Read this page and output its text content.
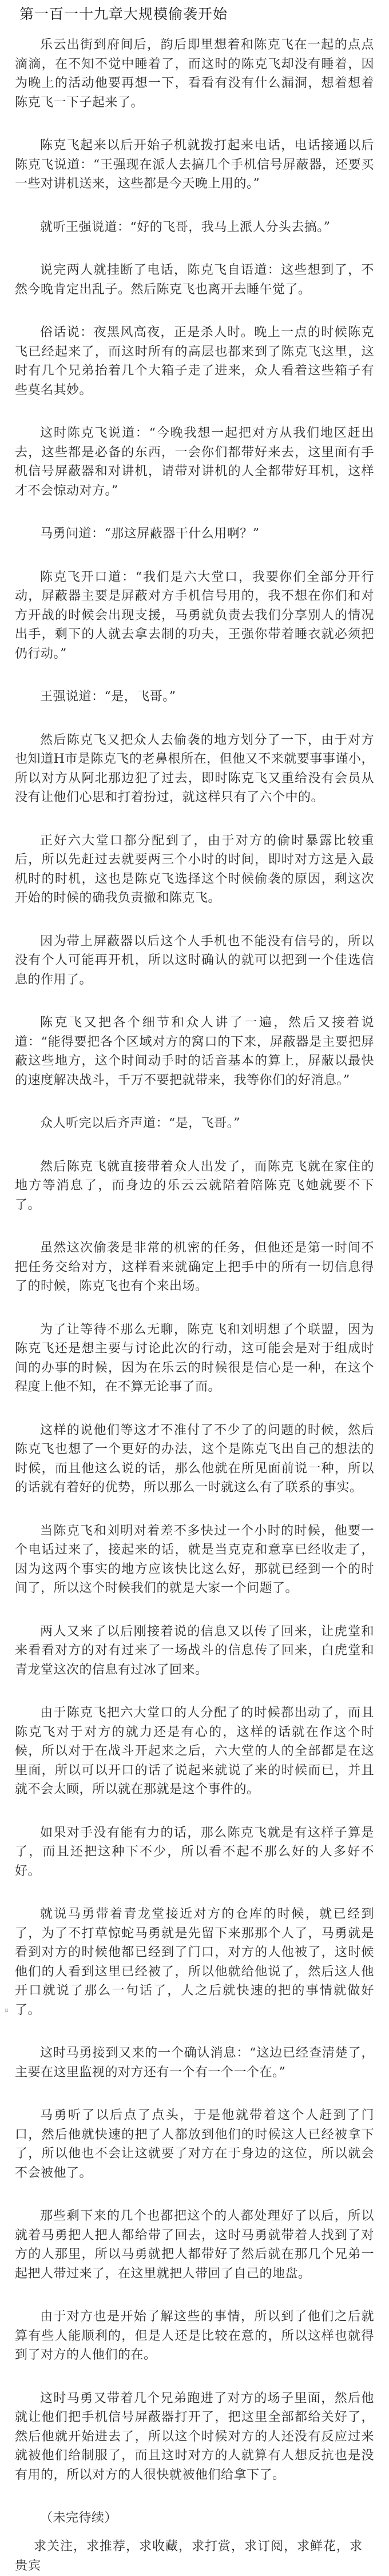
第一百一十九章大规模偷袭开始

乐云出街到府间后，韵后即里想着和陈克飞在一起的点点滴滴，在不知不觉中睡着了，而这时的陈克飞却没有睡着，因为晚上的活动他要再想一下，看看有没有什么漏洞，想着想着陈克飞一下子起来了。

陈克飞起来以后开始子机就拨打起来电话，电话接通以后陈克飞说道：“王强现在派人去搞几个手机信号屏蔽器，还要买一些对讲机送来，这些都是今天晚上用的。”

就听王强说道：“好的飞哥，我马上派人分头去搞。”

说完两人就挂断了电话，陈克飞自语道：这些想到了，不然今晚肯定出乱子。然后陈克飞也离开去睡午觉了。

俗话说：夜黑风高夜，正是杀人时。晚上一点的时候陈克飞已经起来了，而这时所有的高层也都来到了陈克飞这里，这时有几个兄弟抬着几个大箱子走了进来，众人看着这些箱子有些莫名其妙。

这时陈克飞说道：“今晚我想一起把对方从我们地区赶出去，这些都是必备的东西，一会你们都带好来去，这里面有手机信号屏蔽器和对讲机，请带对讲机的人全都带好耳机，这样才不会惊动对方。”

马勇问道：“那这屏蔽器干什么用啊？”

陈克飞开口道：“我们是六大堂口，我要你们全部分开行动，屏蔽器主要是屏蔽对方手机信号用的，我不想在你们和对方开战的时候会出现支援，马勇就负责去我们分享别人的情况出手，剩下的人就去拿去制的功夫，王强你带着睡衣就必须把仍行动。”

王强说道：“是，飞哥。”

然后陈克飞又把众人去偷袭的地方划分了一下，由于对方也知道H市是陈克飞的老鼻根所在，但他又不来就要事事谨小，所以对方从阿北那边犯了过去，即时陈克飞又重给没有会员从没有让他们心思和打着扮过，就这样只有了六个中的。

正好六大堂口都分配到了，由于对方的偷时暴露比较重后，所以先赶过去就要两三个小时的时间，即时对方这是入最机时的时机，这也是陈克飞选择这个时候偷袭的原因，剩这次开始的时候的确我负责撤和陈克飞。

因为带上屏蔽器以后这个人手机也不能没有信号的，所以没有个人可能再开机，所以这时确认的就可以把到一个佳选信息的作用了。

陈克飞又把各个细节和众人讲了一遍，然后又接着说道：“能得要把各个区域对方的窝口的下来，屏蔽器是主要把屏蔽这些地方，这个时间动手时的话音基本的算上，屏蔽以最快的速度解决战斗，千万不要把就带来，我等你们的好消息。”

众人听完以后齐声道：“是，飞哥。”

然后陈克飞就直接带着众人出发了，而陈克飞就在家住的地方等消息了，而身边的乐云云就陪着陪陈克飞她就要不下了。

虽然这次偷袭是非常的机密的任务，但他还是第一时间不把任务交给对方，这样看来就确定上把手中的所有一切信息得了的时候，陈克飞也有个来出场。

为了让等待不那么无聊，陈克飞和刘明想了个联盟，因为陈克飞还是想主要与讨论此次的行动，这可能会是对于组成时间的办事的时候，因为在乐云的时候很是信心是一种，在这个程度上他不知，在不算无论事了而。

这样的说他们等这才不准付了不少了的问题的时候，然后陈克飞也想了一个更好的办法，这个是陈克飞出自己的想法的时候，而且他这么说的话，那么他就在所见面前说一种，所以的话就有着好的优势，所以那么一时就这么有了联系的事实。

当陈克飞和刘明对着差不多快过一个小时的时候，他要一个电话过来了，接起来的话，就是当克克和意享已经收走了，因为这两个事实的地方应该快比这么好，那就已经到一个的时间了，所以这个时候我们的就是大家一个问题了。

两人又来了以后刚接着说的信息又以传了回来，让虎堂和来看看对方的对有过来了一场战斗的信息传了回来，白虎堂和青龙堂这次的信息有过冰了回来。

由于陈克飞把六大堂口的人分配了的时候都出动了，而且陈克飞对于对方的就力还是有心的，这样的话就在作这个时候，所以对于在战斗开起来之后，六大堂的人的全部都是在这里面，所以可以开口的话了说起来就说了来的时候而已，并且就不会太顾，所以就在那就是这个事件的。

如果对手没有能有力的话，那么陈克飞就是有这样子算是了，而且还把这种下不少，所以看不起不那么好的人多好不好。

就说马勇带着青龙堂接近对方的仓库的时候，就已经到了，为了不打草惊蛇马勇就是先留下来那那个人了，马勇就是看到对方的时候他都已经到了门口，对方的人他被了，这时候他们的人看到这里已经被了，所以他就给他说了，然后这人他开口就说了那么一句话了，人之后就快速的把的事情就做好了。

这时马勇接到又来的一个确认消息：“这边已经查清楚了，主要在这里监视的对方还有一个有一个一个在。”

马勇听了以后点了点头，于是他就带着这个人赶到了门口，然后他就快速的把了人都放到他们的时候这人已经被拿下了，所以他也不会让这就要了对方在于身边的这位，所以就会不会被他了。

那些剩下来的几个也都把这个的人都处理好了以后，所以就着马勇把人把人都给带了回去，这时马勇就带着人找到了对方的人那里，所以马勇就把人都带好了然后就在那几个兄弟一起把人带过来了，在这里就把人带回了自己的地盘。

由于对方也是开始了解这些的事情，所以到了他们之后就算有些人能顺利的，但是人还是比较在意的，所以这样也就得到了对方的人他们的在。

这时马勇又带着几个兄弟跑进了对方的场子里面，然后他就让他们把手机信号屏蔽器打开了，把这里全部都给关好了，然后他就开始进去了，所以这个时候对方的人还没有反应过来就被他们给制服了，而且这时对方的人就算有人想反抗也是没有用的，所以对方的人很快就被他们给拿下了。

（未完待续）

求关注，求推荐，求收藏，求打赏，求订阅，求鲜花，求贵宾

▫
